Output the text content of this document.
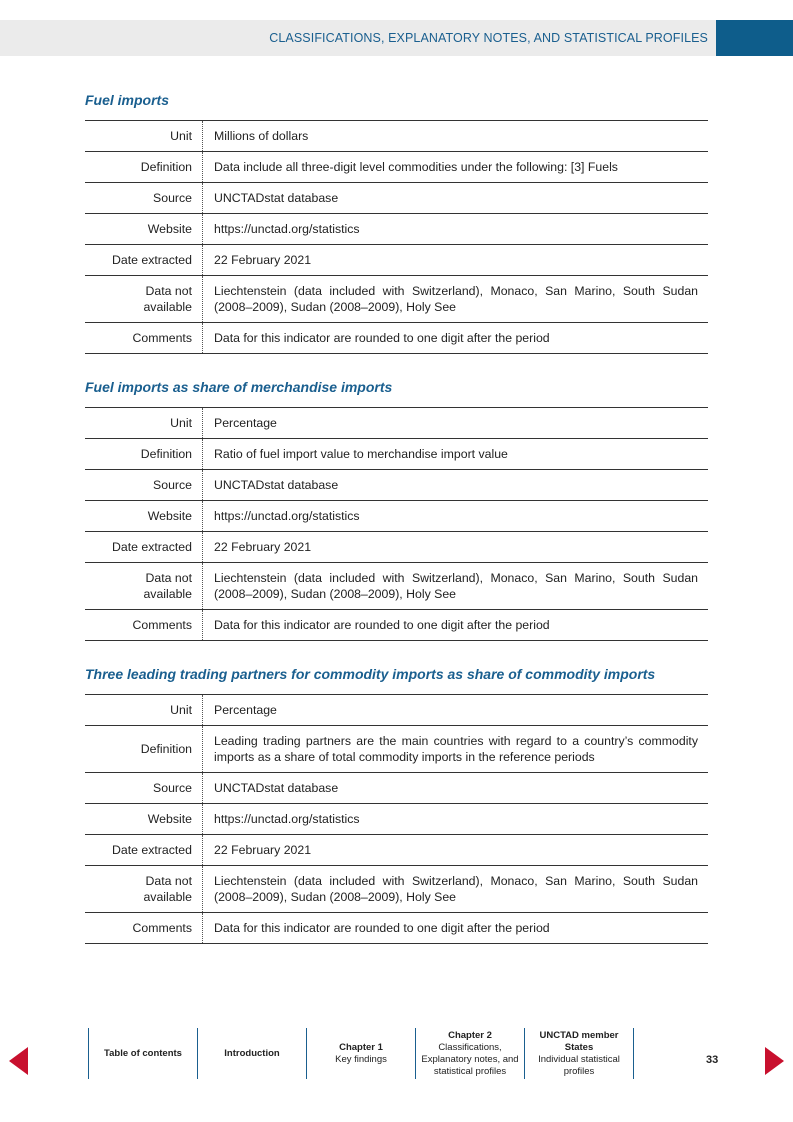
CLASSIFICATIONS, EXPLANATORY NOTES, AND STATISTICAL PROFILES
Fuel imports
Unit	Millions of dollars
Definition	Data include all three-digit level commodities under the following: [3] Fuels
Source	UNCTADstat database
Website	https://unctad.org/statistics
Date extracted	22 February 2021
Data not
available	Liechtenstein (data included with Switzerland), Monaco, San Marino, South Sudan (2008–2009), Sudan (2008–2009), Holy See
Comments	Data for this indicator are rounded to one digit after the period
Fuel imports as share of merchandise imports
Unit	Percentage
Definition	Ratio of fuel import value to merchandise import value
Source	UNCTADstat database
Website	https://unctad.org/statistics
Date extracted	22 February 2021
Data not
available	Liechtenstein (data included with Switzerland), Monaco, San Marino, South Sudan (2008–2009), Sudan (2008–2009), Holy See
Comments	Data for this indicator are rounded to one digit after the period
Three leading trading partners for commodity imports as share of commodity imports
Unit	Percentage
Definition	Leading trading partners are the main countries with regard to a country’s commodity imports as a share of total commodity imports in the reference periods
Source	UNCTADstat database
Website	https://unctad.org/statistics
Date extracted	22 February 2021
Data not
available	Liechtenstein (data included with Switzerland), Monaco, San Marino, South Sudan (2008–2009), Sudan (2008–2009), Holy See
Comments	Data for this indicator are rounded to one digit after the period
Table of contents	Introduction
Chapter 1
Key findings
Chapter 2
Classifications, Explanatory notes, and statistical profiles
UNCTAD member States
Individual statistical profiles
33
